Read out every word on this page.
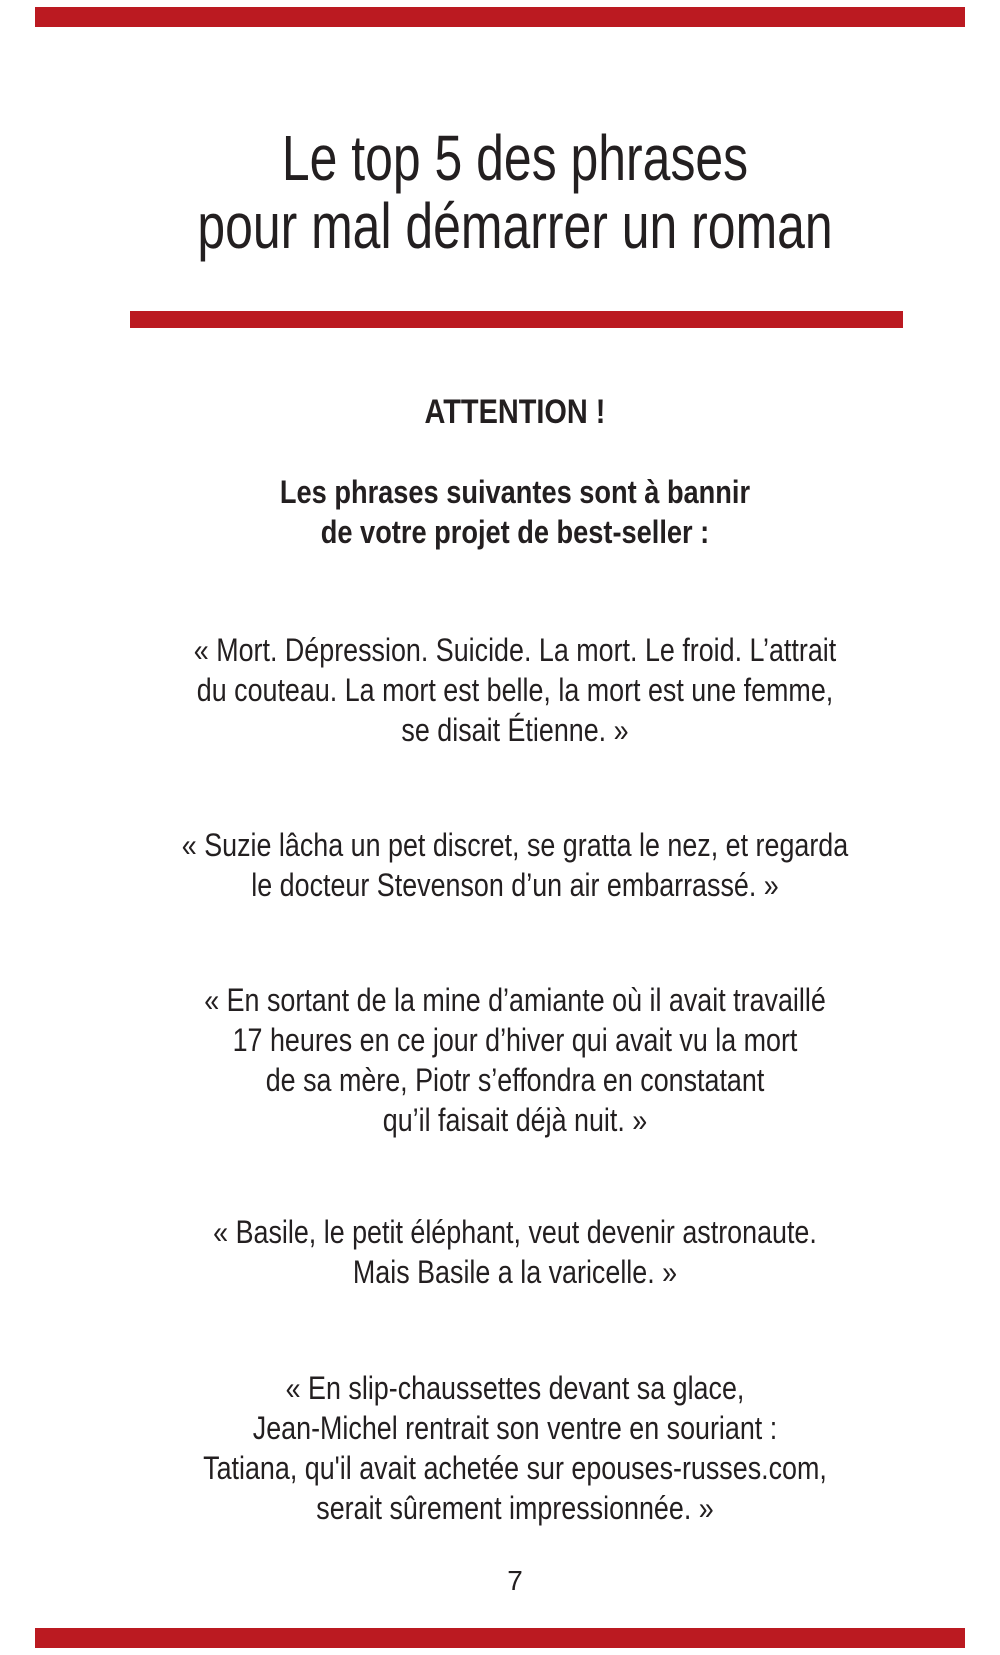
Le top 5 des phrases
pour mal démarrer un roman
ATTENTION !
Les phrases suivantes sont à bannir
de votre projet de best-seller :
« Mort. Dépression. Suicide. La mort. Le froid. L’attrait
du couteau. La mort est belle, la mort est une femme,
se disait Étienne. »
« Suzie lâcha un pet discret, se gratta le nez, et regarda
le docteur Stevenson d’un air embarrassé. »
« En sortant de la mine d’amiante où il avait travaillé
17 heures en ce jour d’hiver qui avait vu la mort
de sa mère, Piotr s’effondra en constatant
qu’il faisait déjà nuit. »
« Basile, le petit éléphant, veut devenir astronaute.
Mais Basile a la varicelle. »
« En slip-chaussettes devant sa glace,
Jean-Michel rentrait son ventre en souriant :
Tatiana, qu'il avait achetée sur epouses-russes.com,
serait sûrement impressionnée. »
7
